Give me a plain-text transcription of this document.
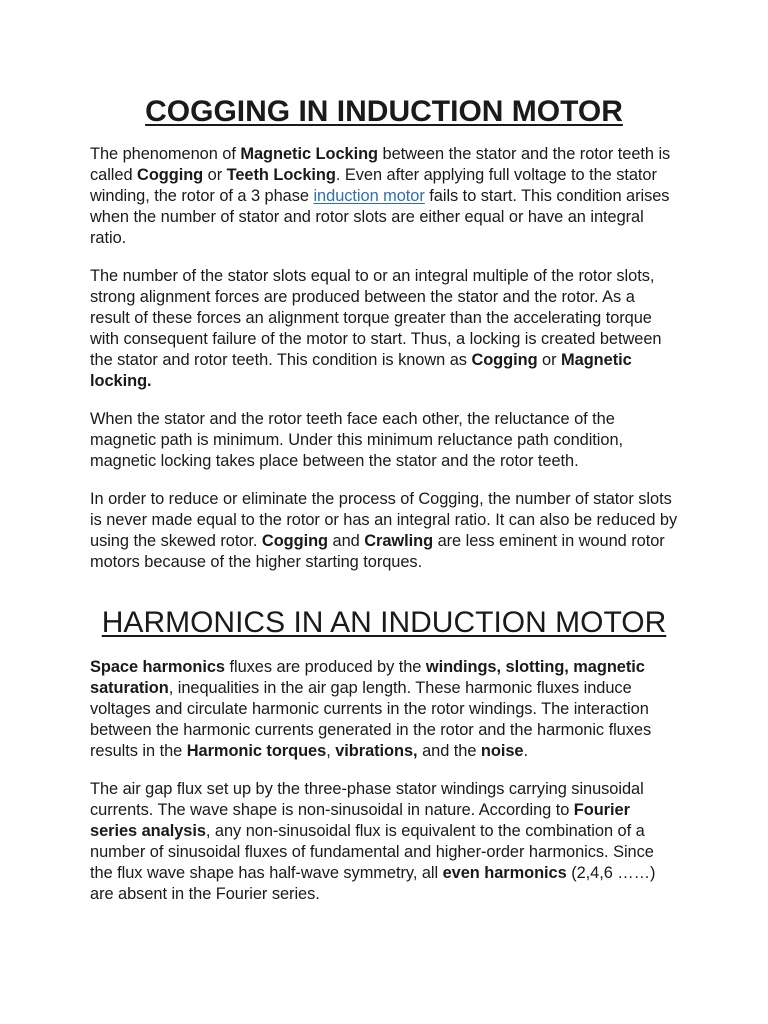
COGGING IN INDUCTION MOTOR

The phenomenon of Magnetic Locking between the stator and the rotor teeth is called Cogging or Teeth Locking. Even after applying full voltage to the stator winding, the rotor of a 3 phase induction motor fails to start. This condition arises when the number of stator and rotor slots are either equal or have an integral ratio.

The number of the stator slots equal to or an integral multiple of the rotor slots, strong alignment forces are produced between the stator and the rotor. As a result of these forces an alignment torque greater than the accelerating torque with consequent failure of the motor to start. Thus, a locking is created between the stator and rotor teeth. This condition is known as Cogging or Magnetic locking.

When the stator and the rotor teeth face each other, the reluctance of the magnetic path is minimum. Under this minimum reluctance path condition, magnetic locking takes place between the stator and the rotor teeth.

In order to reduce or eliminate the process of Cogging, the number of stator slots is never made equal to the rotor or has an integral ratio. It can also be reduced by using the skewed rotor. Cogging and Crawling are less eminent in wound rotor motors because of the higher starting torques.

HARMONICS IN AN INDUCTION MOTOR

Space harmonics fluxes are produced by the windings, slotting, magnetic saturation, inequalities in the air gap length. These harmonic fluxes induce voltages and circulate harmonic currents in the rotor windings. The interaction between the harmonic currents generated in the rotor and the harmonic fluxes results in the Harmonic torques, vibrations, and the noise.

The air gap flux set up by the three-phase stator windings carrying sinusoidal currents. The wave shape is non-sinusoidal in nature. According to Fourier series analysis, any non-sinusoidal flux is equivalent to the combination of a number of sinusoidal fluxes of fundamental and higher-order harmonics. Since the flux wave shape has half-wave symmetry, all even harmonics (2,4,6 ……) are absent in the Fourier series.
